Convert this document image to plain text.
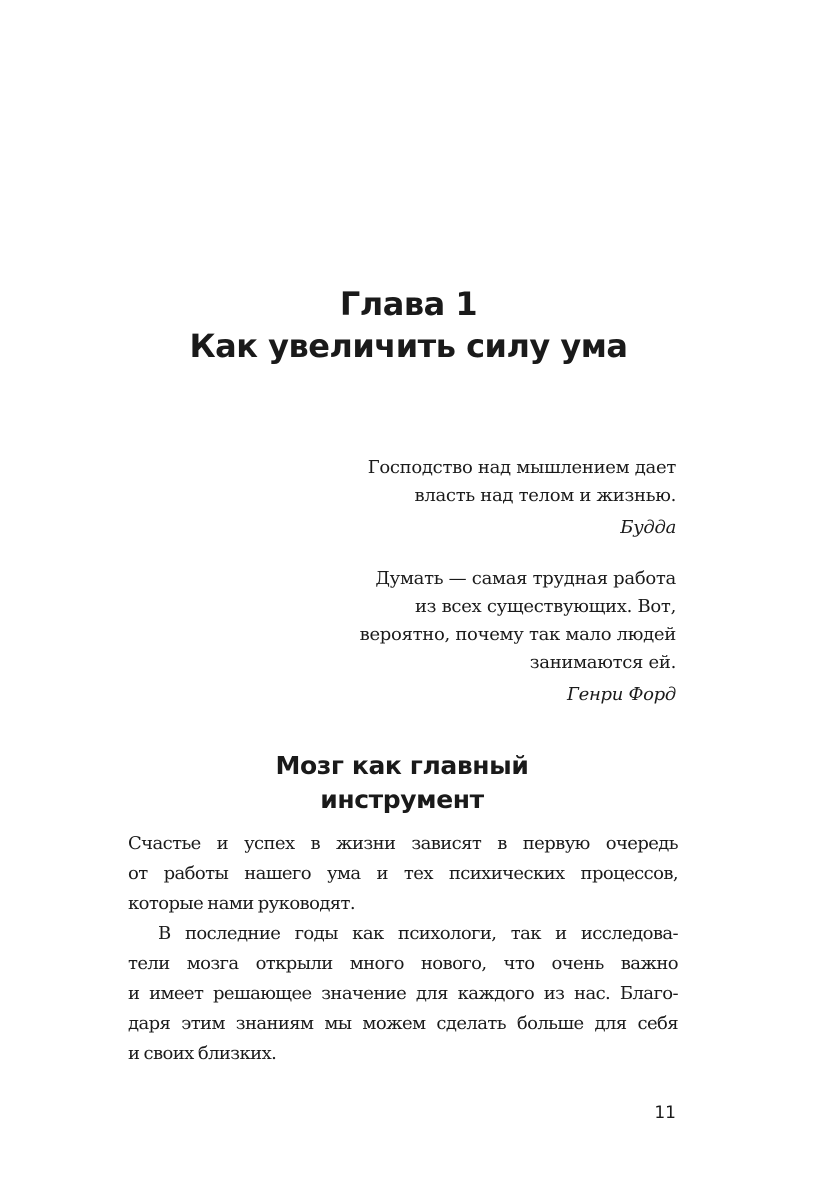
Глава 1
Как увеличить силу ума
Господство над мышлением дает
власть над телом и жизнью.
Будда
Думать — самая трудная работа
из всех существующих. Вот,
вероятно, почему так мало людей
занимаются ей.
Генри Форд
Мозг как главный
инструмент
Счастье и успех в жизни зависят в первую очередь
от работы нашего ума и тех психических процессов,
которые нами руководят.
В последние годы как психологи, так и исследова-
тели мозга открыли много нового, что очень важно
и имеет решающее значение для каждого из нас. Благо-
даря этим знаниям мы можем сделать больше для себя
и своих близких.
11
